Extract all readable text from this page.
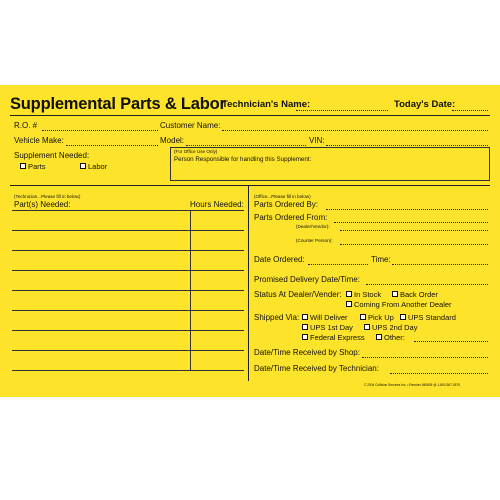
Supplemental Parts & Labor
Technician's Name:	Today's Date:
R.O. #	Customer Name:
Vehicle Make:	Model:	VIN:
Supplement Needed:
Parts	Labor
(For Office Use Only)
Person Responsible for handling this Supplement:
(Technician...Please fill in below)
Part(s) Needed:	Hours Needed:
(Office...Please fill in below)
Parts Ordered By:
Parts Ordered From:
(Dealer/Vendor):
(Counter Person):
Date Ordered:	Time:
Promised Delivery Date/Time:
Status At Dealer/Vender:	In Stock	Back Order
Coming From Another Dealer
Shipped Via:	Will Deliver	Pick Up	UPS Standard
UPS 1st Day	UPS 2nd Day
Federal Express	Other:
Date/Time Received by Shop:
Date/Time Received by Technician:
© 2004 Collision Services Inc. • Reorder IM0609 @ 1-800-367-0575
